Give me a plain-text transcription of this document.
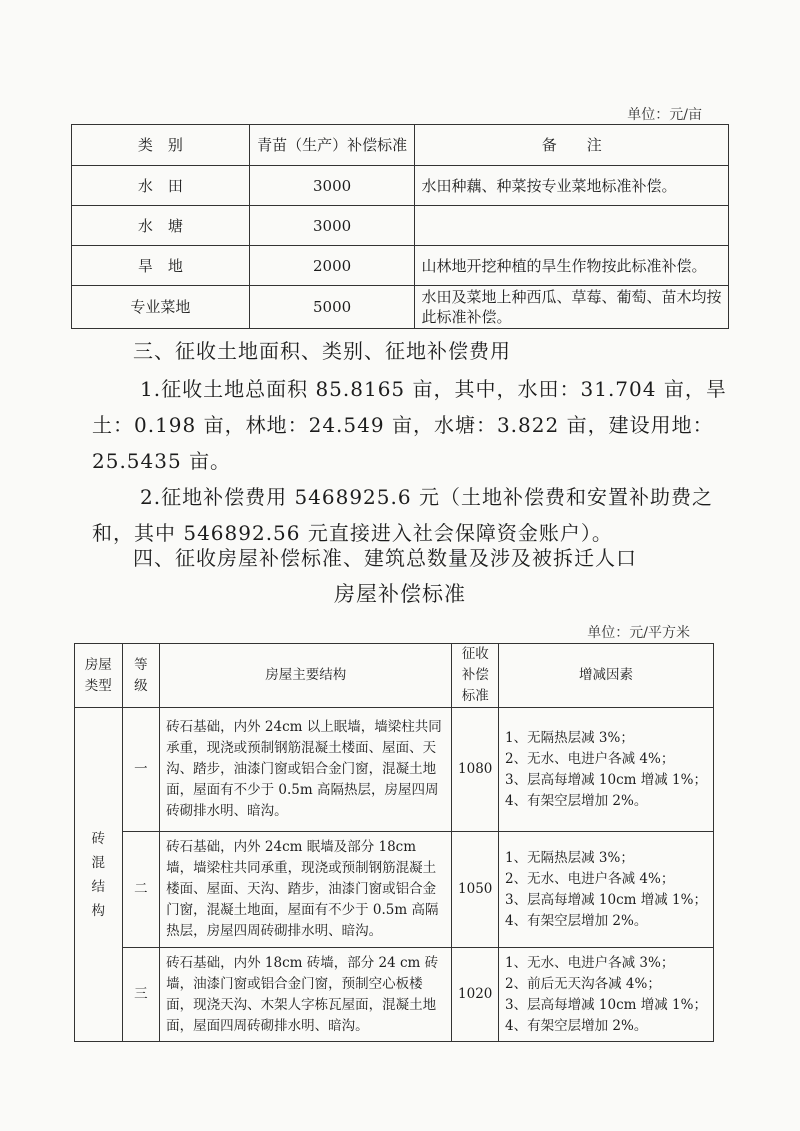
单位：元/亩
类　别	青苗（生产）补偿标准	备　　注
水　田	3000	水田种藕、种菜按专业菜地标准补偿。
水　塘	3000	
旱　地	2000	山林地开挖种植的旱生作物按此标准补偿。
专业菜地	5000	水田及菜地上种西瓜、草莓、葡萄、苗木均按此标准补偿。
三、征收土地面积、类别、征地补偿费用
1.征收土地总面积 85.8165 亩，其中，水田：31.704 亩，旱土：0.198 亩，林地：24.549 亩，水塘：3.822 亩，建设用地：25.5435 亩。
2.征地补偿费用 5468925.6 元（土地补偿费和安置补助费之和，其中 546892.56 元直接进入社会保障资金账户）。
四、征收房屋补偿标准、建筑总数量及涉及被拆迁人口
房屋补偿标准
单位：元/平方米
房屋类型	等级	房屋主要结构	征收补偿标准	增减因素
砖混结构	一	砖石基础，内外 24cm 以上眠墙，墙梁柱共同承重，现浇或预制钢筋混凝土楼面、屋面、天沟、踏步，油漆门窗或铝合金门窗，混凝土地面，屋面有不少于 0.5m 高隔热层，房屋四周砖砌排水明、暗沟。	1080	1、无隔热层减 3%；
2、无水、电进户各减 4%；
3、层高每增减 10cm 增减 1%；
4、有架空层增加 2%。

	二	砖石基础，内外 24cm 眠墙及部分 18cm 墙，墙梁柱共同承重，现浇或预制钢筋混凝土楼面、屋面、天沟、踏步，油漆门窗或铝合金门窗，混凝土地面，屋面有不少于 0.5m 高隔热层，房屋四周砖砌排水明、暗沟。	1050	1、无隔热层减 3%；
2、无水、电进户各减 4%；
3、层高每增减 10cm 增减 1%；
4、有架空层增加 2%。

	三	砖石基础，内外 18cm 砖墙，部分 24 cm 砖墙，油漆门窗或铝合金门窗，预制空心板楼面，现浇天沟、木架人字栋瓦屋面，混凝土地面，屋面四周砖砌排水明、暗沟。	1020	1、无水、电进户各减 3%；
2、前后无天沟各减 4%；
3、层高每增减 10cm 增减 1%；
4、有架空层增加 2%。
